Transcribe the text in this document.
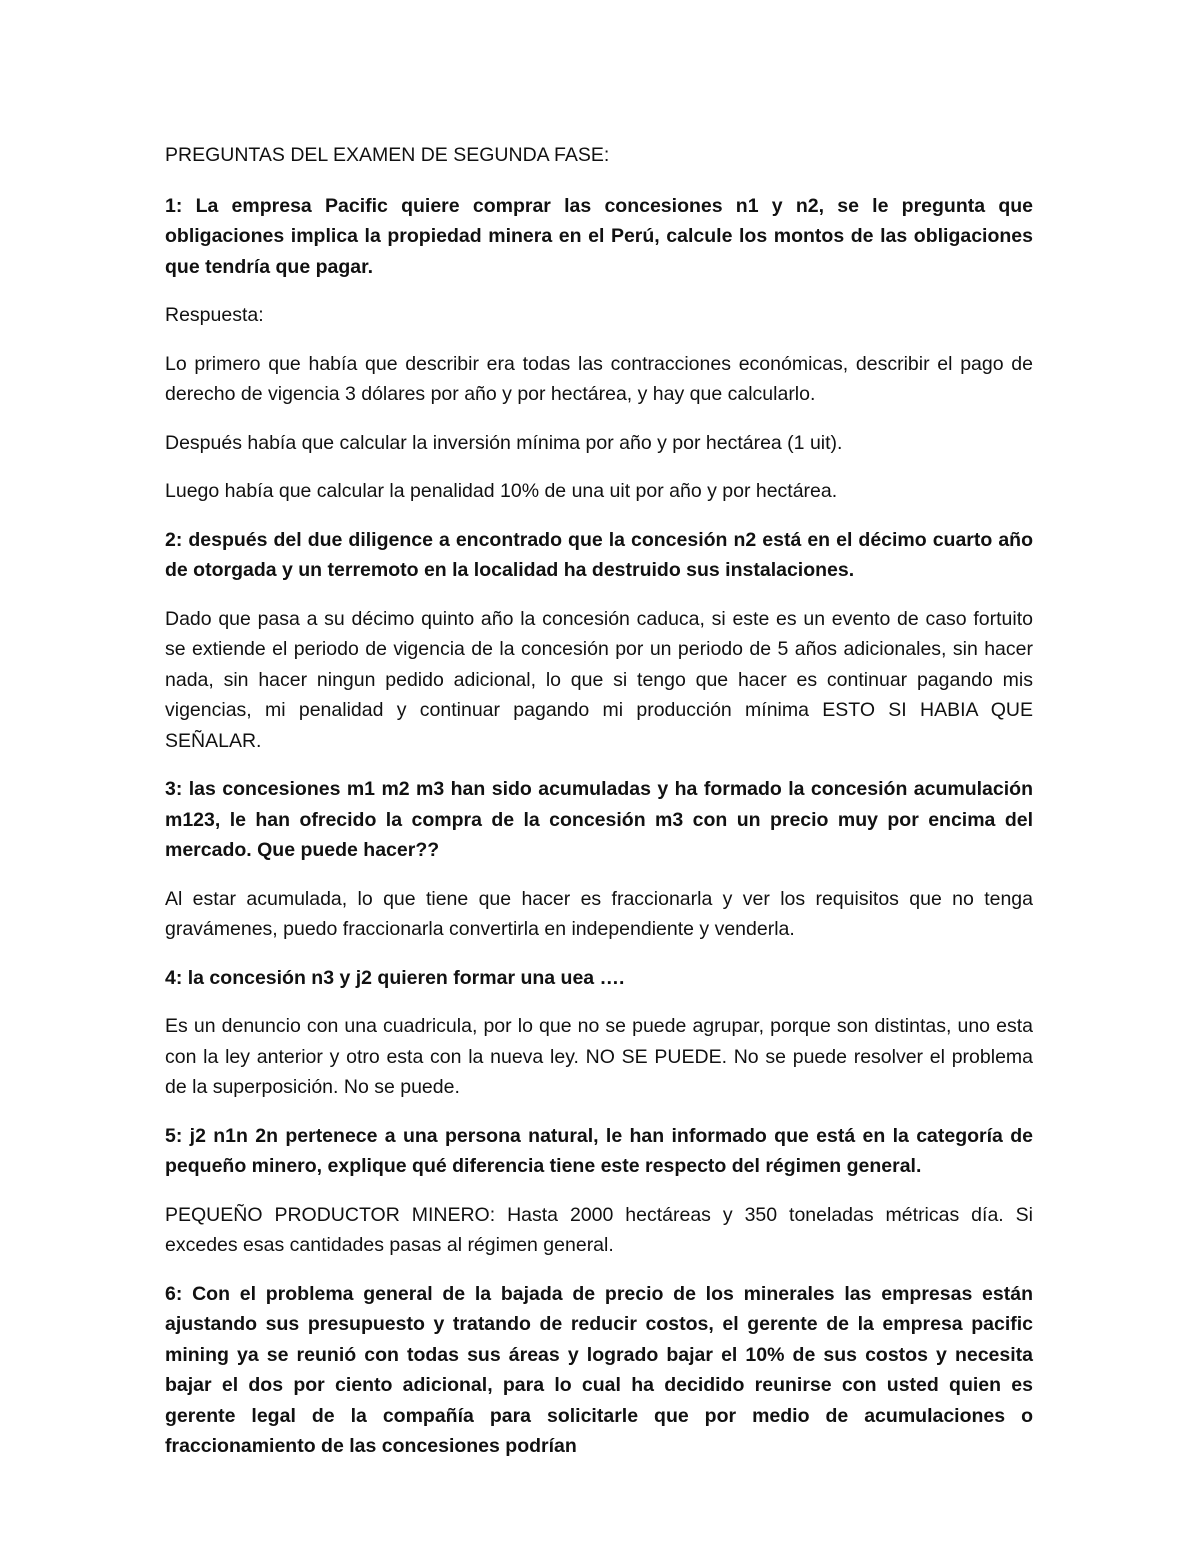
PREGUNTAS DEL EXAMEN DE SEGUNDA FASE:

1: La empresa Pacific quiere comprar las concesiones n1 y n2, se le pregunta que obligaciones implica la propiedad minera en el Perú, calcule los montos de las obligaciones que tendría que pagar.

Respuesta:

Lo primero que había que describir era todas las contracciones económicas, describir el pago de derecho de vigencia 3 dólares por año y por hectárea, y hay que calcularlo.

Después había que calcular la inversión mínima por año y por hectárea (1 uit).

Luego había que calcular la penalidad 10% de una uit por año y por hectárea.

2: después del due diligence a encontrado que la concesión n2 está en el décimo cuarto año de otorgada y un terremoto en la localidad ha destruido sus instalaciones.

Dado que pasa a su décimo quinto año la concesión caduca, si este es un evento de caso fortuito se extiende el periodo de vigencia de la concesión por un periodo de 5 años adicionales, sin hacer nada, sin hacer ningun pedido adicional, lo que si tengo que hacer es continuar pagando mis vigencias, mi penalidad y continuar pagando mi producción mínima ESTO SI HABIA QUE SEÑALAR.

3: las concesiones m1 m2 m3 han sido acumuladas y ha formado la concesión acumulación m123, le han ofrecido la compra de la concesión m3 con un precio muy por encima del mercado. Que puede hacer??

Al estar acumulada, lo que tiene que hacer es fraccionarla y ver los requisitos que no tenga gravámenes, puedo fraccionarla convertirla en independiente y venderla.

4: la concesión n3 y j2 quieren formar una uea ….

Es un denuncio con una cuadricula, por lo que no se puede agrupar, porque son distintas, uno esta con la ley anterior y otro esta con la nueva ley. NO SE PUEDE. No se puede resolver el problema de la superposición. No se puede.

5: j2 n1n 2n pertenece a una persona natural, le han informado que está en la categoría de pequeño minero, explique qué diferencia tiene este respecto del régimen general.

PEQUEÑO PRODUCTOR MINERO: Hasta 2000 hectáreas y 350 toneladas métricas día. Si excedes esas cantidades pasas al régimen general.

6: Con el problema general de la bajada de precio de los minerales las empresas están ajustando sus presupuesto y tratando de reducir costos, el gerente de la empresa pacific mining ya se reunió con todas sus áreas y logrado bajar el 10% de sus costos y necesita bajar el dos por ciento adicional, para lo cual ha decidido reunirse con usted quien es gerente legal de la compañía para solicitarle que por medio de acumulaciones o fraccionamiento de las concesiones podrían
